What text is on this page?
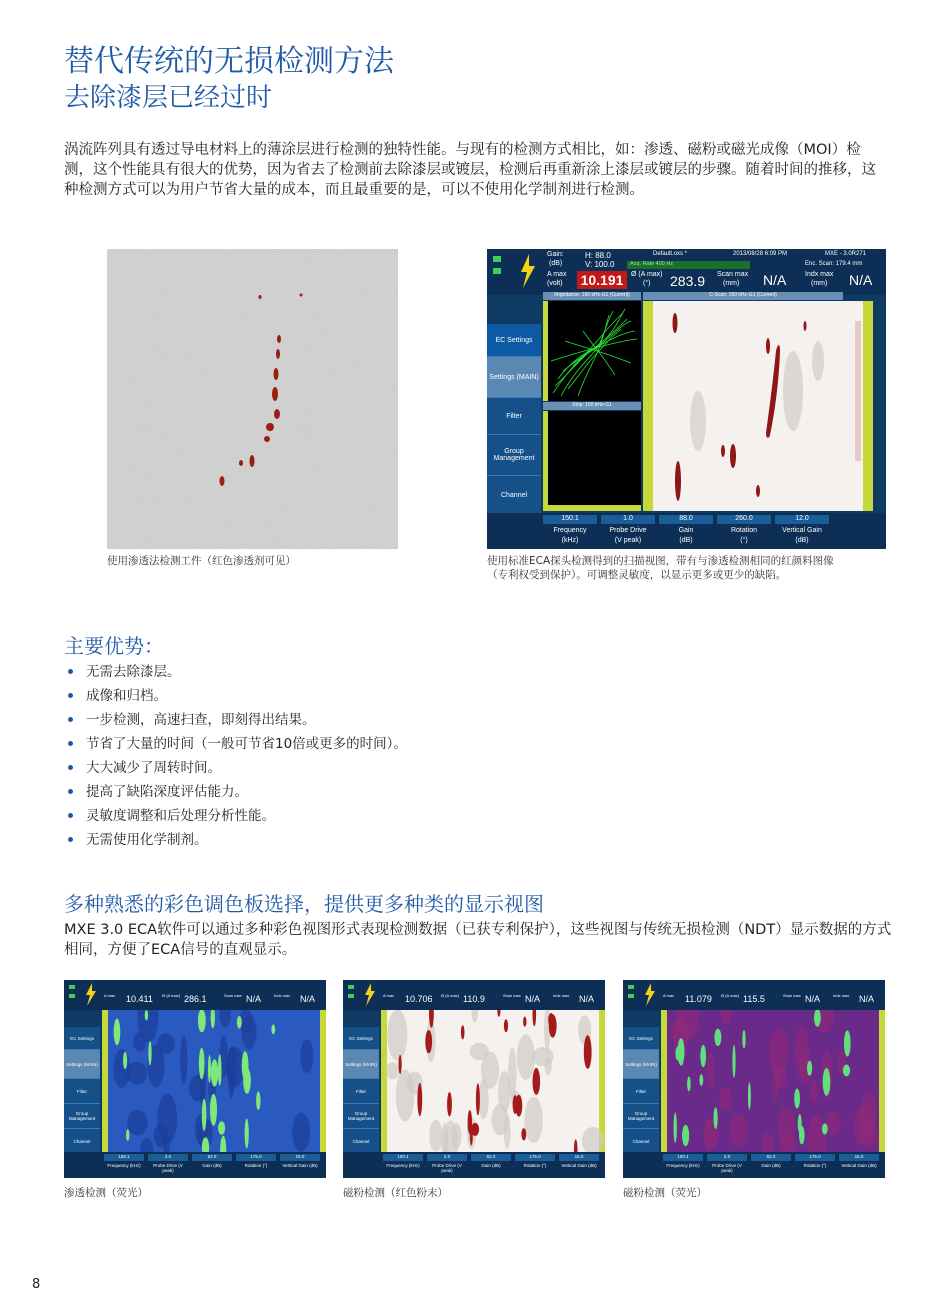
替代传统的无损检测方法
去除漆层已经过时
涡流阵列具有透过导电材料上的薄涂层进行检测的独特性能。与现有的检测方式相比，如：渗透、磁粉或磁光成像（MOI）检测，这个性能具有很大的优势，因为省去了检测前去除漆层或镀层，检测后再重新涂上漆层或镀层的步骤。随着时间的推移，这种检测方式可以为用户节省大量的成本，而且最重要的是，可以不使用化学制剂进行检测。
使用渗透法检测工件（红色渗透剂可见）
Gain:
(dB)
H: 88.0
V: 100.0
Default.oxs *
Acq. Rate 400 Hz
2013/08/28 6:09 PM	MXE - 3.0R271
Enc. Scan: 179.4 mm
A max
(volt) 10.191	Ø (A max)
(°) 283.9 Scan max
(mm) N/A	Indx max
(mm) N/A
EC Settings
Settings (MAIN)
Filter
Group Management
Channel
Impedance: 150 kHz-G1 (Current)
Strip: 150 kHz-G1
C-Scan: 150 kHz-G1 (Current)
150.1	1.0	88.0	260.0	12.0
Frequency
(kHz)
Probe Drive
(V peak)
Gain
(dB)
Rotation
(°)
Vertical Gain
(dB)
使用标准ECA探头检测得到的扫描视图，带有与渗透检测相同的红颜料图像
（专利权受到保护）。可调整灵敏度，以显示更多或更少的缺陷。
主要优势：
无需去除漆层。
成像和归档。
一步检测，高速扫查，即刻得出结果。
节省了大量的时间（一般可节省10倍或更多的时间）。
大大减少了周转时间。
提高了缺陷深度评估能力。
灵敏度调整和后处理分析性能。
无需使用化学制剂。
多种熟悉的彩色调色板选择，提供更多种类的显示视图
MXE 3.0 ECA软件可以通过多种彩色视图形式表现检测数据（已获专利保护），这些视图与传统无损检测（NDT）显示数据的方式相同，方便了ECA信号的直观显示。
A max 10.411 Ø (A max) 286.1	Scan max N/A	Indx max N/A
EC Settings
Settings (MAIN)
Filter
Group Management
Channel
150.1	2.0	62.0	175.0	15.0
Frequency (kHz)	Probe Drive (V peak)
Gain (dB)	Rotation (°)	Vertical Gain (dB)
渗透检测（荧光）
A max 10.706 Ø (A max) 110.9	Scan max N/A	Indx max N/A
EC Settings
Settings (MAIN)
Filter
Group Management
Channel
150.1	2.0	62.0	175.0	15.0
Frequency (kHz)	Probe Drive (V peak)
Gain (dB)	Rotation (°)	Vertical Gain (dB)
磁粉检测（红色粉末）
A max 11.079 Ø (A max) 115.5	Scan max N/A	Indx max N/A
EC Settings
Settings (MAIN)
Filter
Group Management
Channel
150.1	2.0	62.0	175.0	15.0
Frequency (kHz)	Probe Drive (V peak)
Gain (dB)	Rotation (°)	Vertical Gain (dB)
磁粉检测（荧光）
8
